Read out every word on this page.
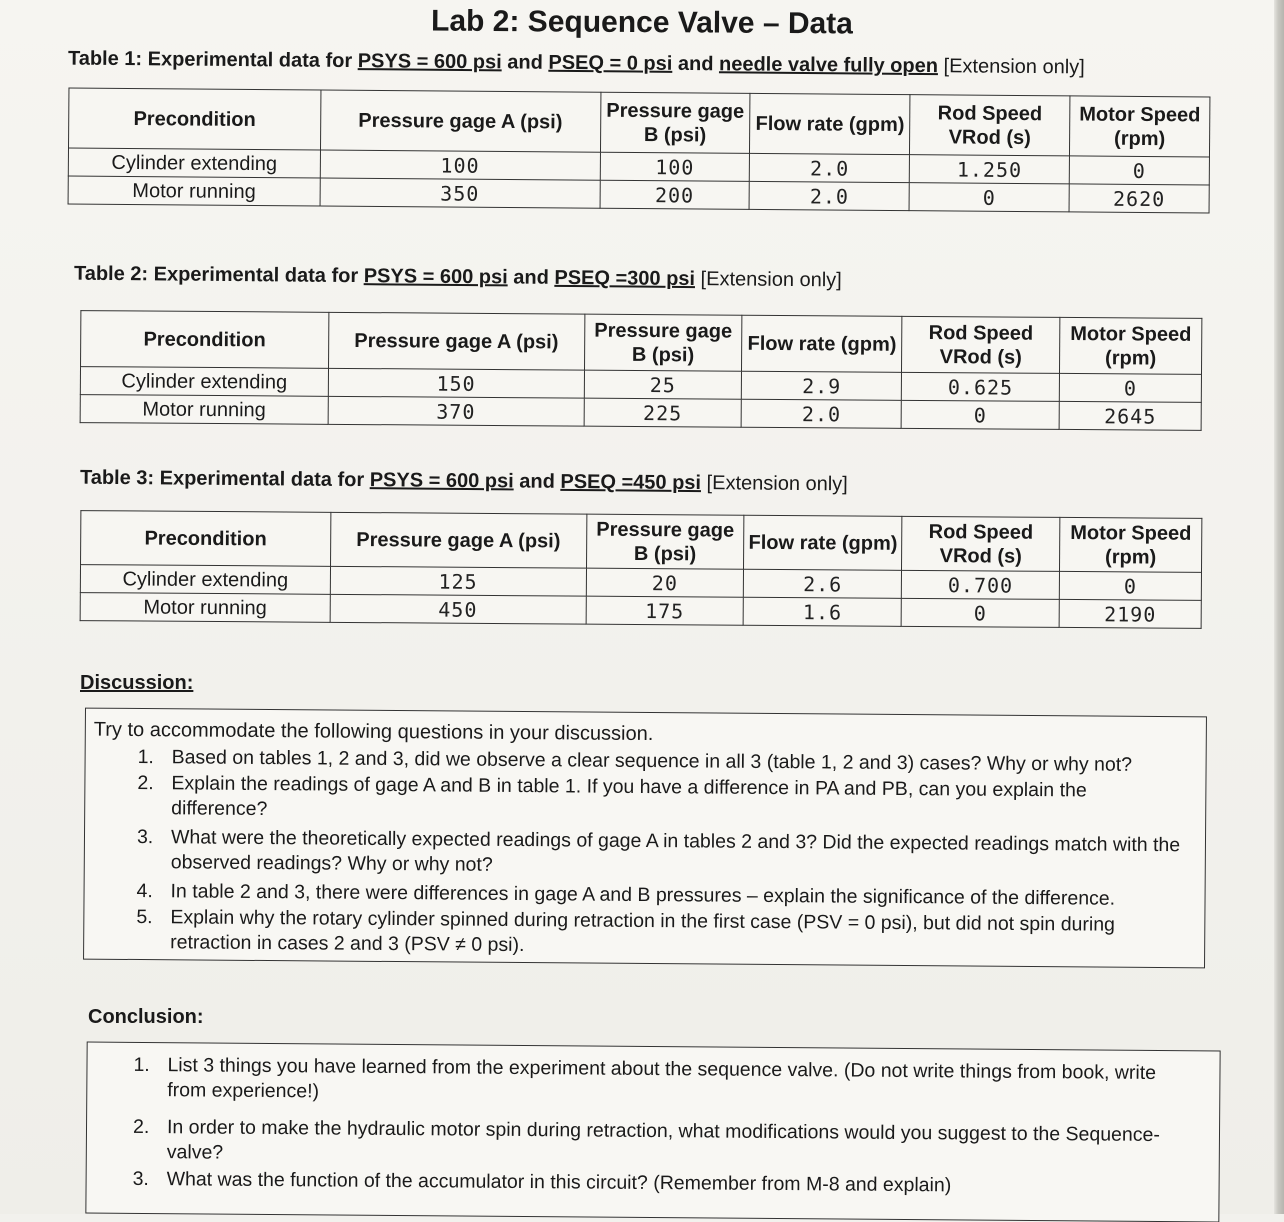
Lab 2: Sequence Valve – Data
Table 1: Experimental data for PSYS = 600 psi and PSEQ = 0 psi and needle valve fully open [Extension only]
Precondition	Pressure gage A (psi)	Pressure gage B (psi)	Flow rate (gpm)	Rod Speed VRod (s)	Motor Speed (rpm)
Cylinder extending	100	100	2.0	1.250	0
Motor running	350	200	2.0	0	2620
Table 2: Experimental data for PSYS = 600 psi and PSEQ =300 psi [Extension only]
Precondition	Pressure gage A (psi)	Pressure gage B (psi)	Flow rate (gpm)	Rod Speed VRod (s)	Motor Speed (rpm)
Cylinder extending	150	25	2.9	0.625	0
Motor running	370	225	2.0	0	2645
Table 3: Experimental data for PSYS = 600 psi and PSEQ =450 psi [Extension only]
Precondition	Pressure gage A (psi)	Pressure gage B (psi)	Flow rate (gpm)	Rod Speed VRod (s)	Motor Speed (rpm)
Cylinder extending	125	20	2.6	0.700	0
Motor running	450	175	1.6	0	2190
Discussion:
Try to accommodate the following questions in your discussion.
1. Based on tables 1, 2 and 3, did we observe a clear sequence in all 3 (table 1, 2 and 3) cases? Why or why not?
2. Explain the readings of gage A and B in table 1. If you have a difference in PA and PB, can you explain the difference?
3. What were the theoretically expected readings of gage A in tables 2 and 3? Did the expected readings match with the observed readings? Why or why not?
4. In table 2 and 3, there were differences in gage A and B pressures – explain the significance of the difference.
5. Explain why the rotary cylinder spinned during retraction in the first case (PSV = 0 psi), but did not spin during retraction in cases 2 and 3 (PSV ≠ 0 psi).
Conclusion:
1. List 3 things you have learned from the experiment about the sequence valve. (Do not write things from book, write from experience!)
2. In order to make the hydraulic motor spin during retraction, what modifications would you suggest to the Sequence-valve?
3. What was the function of the accumulator in this circuit? (Remember from M-8 and explain)
